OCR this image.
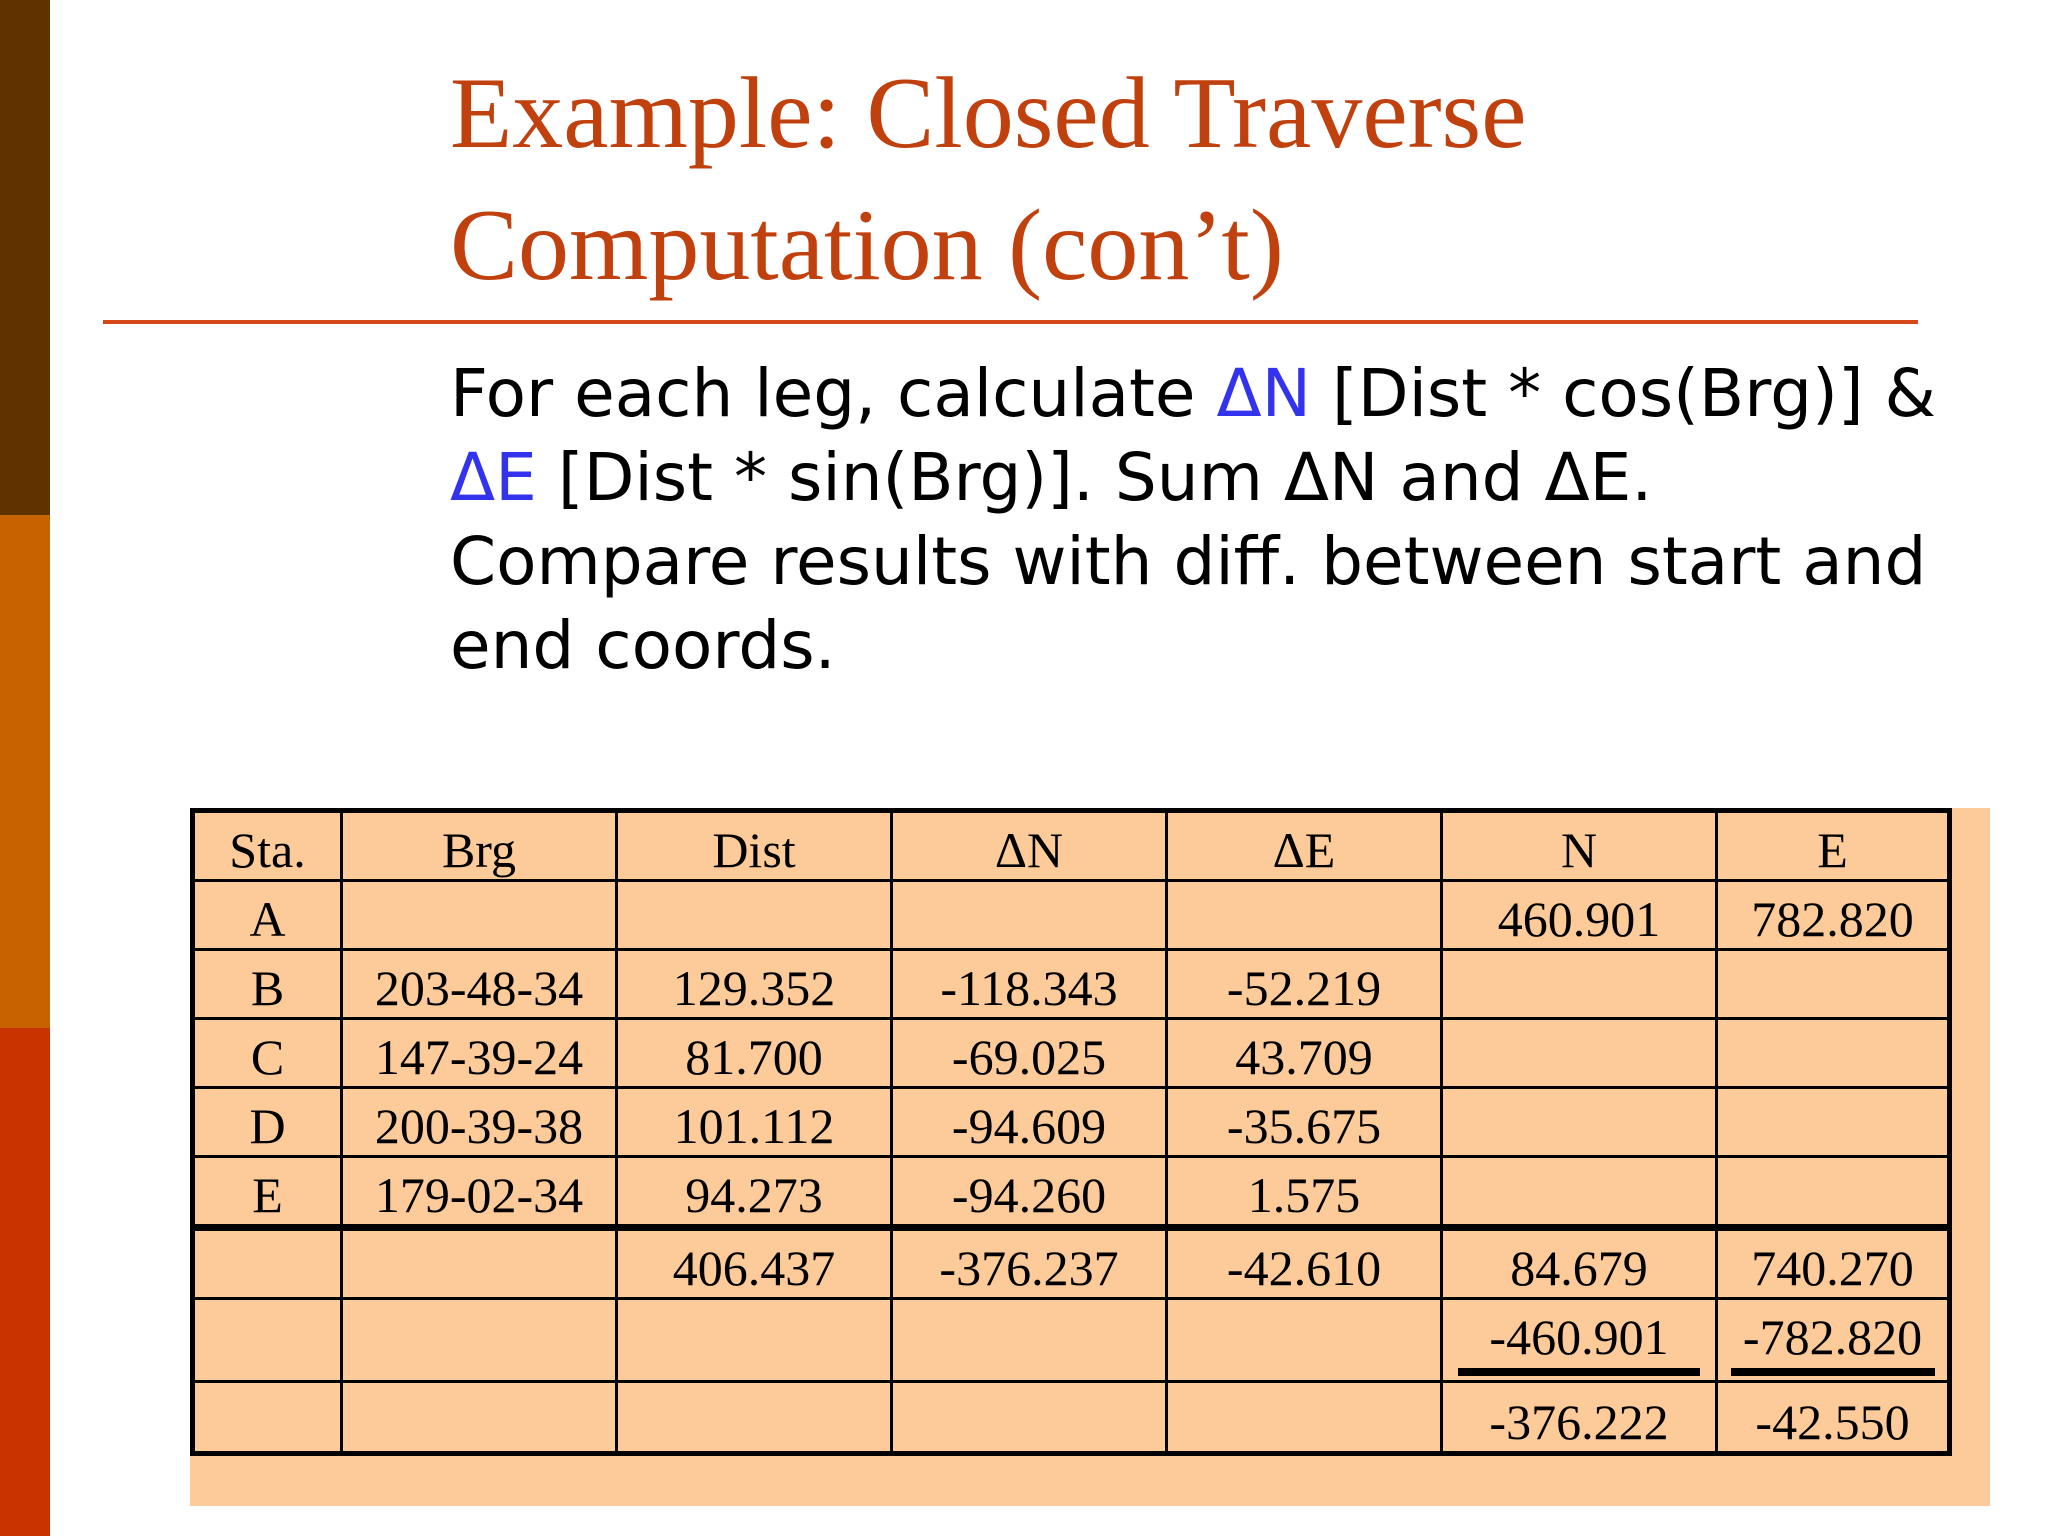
Example: Closed Traverse
Computation (con’t)

For each leg, calculate ΔN [Dist * cos(Brg)] & ΔE [Dist * sin(Brg)]. Sum ΔN and ΔE. Compare results with diff. between start and end coords.

Sta.	Brg	Dist	ΔN	ΔE	N	E
A					460.901	782.820
B	203-48-34	129.352	-118.343	-52.219		
C	147-39-24	81.700	-69.025	43.709		
D	200-39-38	101.112	-94.609	-35.675		
E	179-02-34	94.273	-94.260	1.575		
		406.437	-376.237	-42.610	84.679	740.270
					-460.901	-782.820

					-376.222	-42.550
